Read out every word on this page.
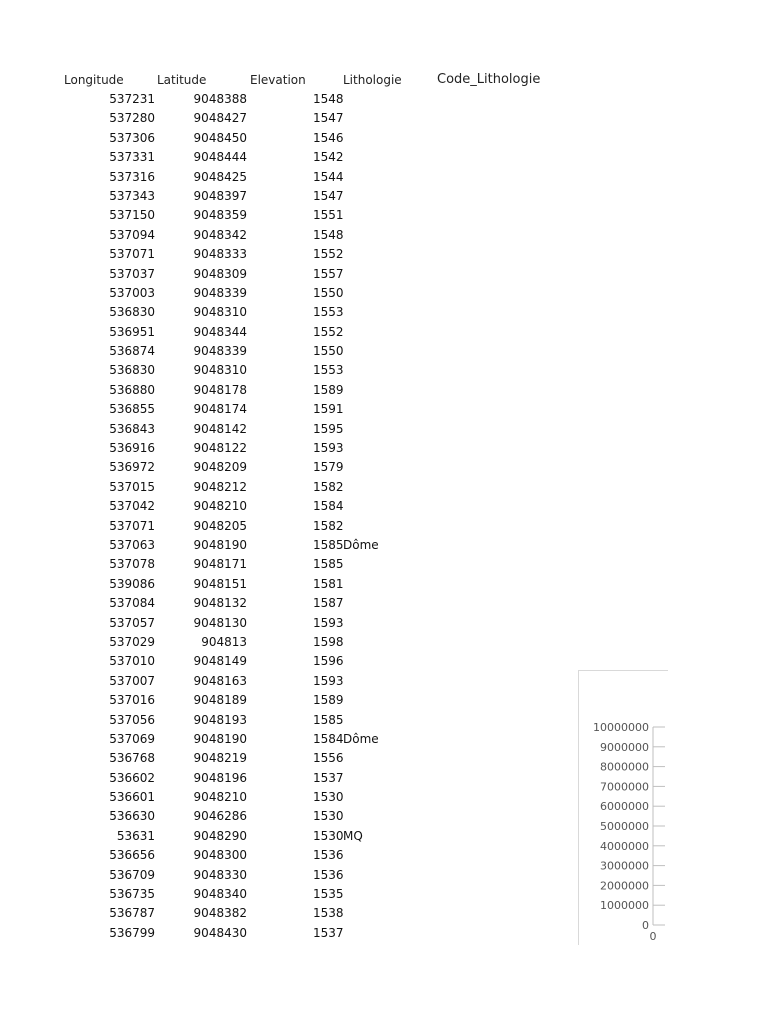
Longitude	Latitude	Elevation	Lithologie	Code_Lithologie
537231	9048388	1548
537280	9048427	1547
537306	9048450	1546
537331	9048444	1542
537316	9048425	1544
537343	9048397	1547
537150	9048359	1551
537094	9048342	1548
537071	9048333	1552
537037	9048309	1557
537003	9048339	1550
536830	9048310	1553
536951	9048344	1552
536874	9048339	1550
536830	9048310	1553
536880	9048178	1589
536855	9048174	1591
536843	9048142	1595
536916	9048122	1593
536972	9048209	1579
537015	9048212	1582
537042	9048210	1584
537071	9048205	1582
537063	9048190	1585 Dôme
537078	9048171	1585
539086	9048151	1581
537084	9048132	1587
537057	9048130	1593
537029	904813	1598
537010	9048149	1596
537007	9048163	1593
537016	9048189	1589
537056	9048193	1585
537069	9048190	1584 Dôme
536768	9048219	1556
536602	9048196	1537
536601	9048210	1530
536630	9046286	1530
53631	9048290	1530 MQ
536656	9048300	1536
536709	9048330	1536
536735	9048340	1535
536787	9048382	1538
536799	9048430	1537
10000000
9000000
8000000
7000000
6000000
5000000
4000000
3000000
2000000
1000000
0
0
